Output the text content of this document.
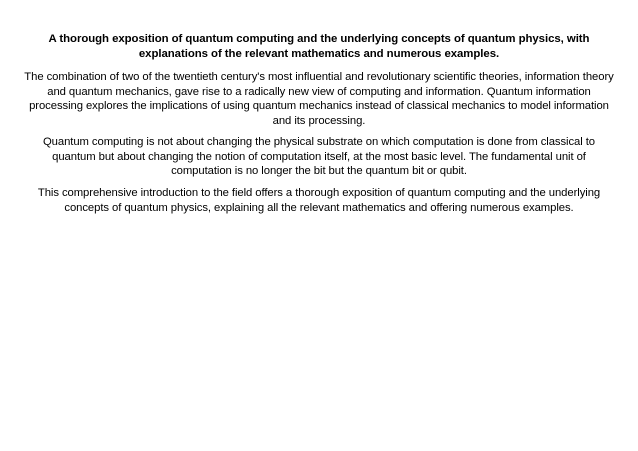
A thorough exposition of quantum computing and the underlying concepts of quantum physics, with explanations of the relevant mathematics and numerous examples.

The combination of two of the twentieth century's most influential and revolutionary scientific theories, information theory and quantum mechanics, gave rise to a radically new view of computing and information. Quantum information processing explores the implications of using quantum mechanics instead of classical mechanics to model information and its processing.

Quantum computing is not about changing the physical substrate on which computation is done from classical to quantum but about changing the notion of computation itself, at the most basic level. The fundamental unit of computation is no longer the bit but the quantum bit or qubit.

This comprehensive introduction to the field offers a thorough exposition of quantum computing and the underlying concepts of quantum physics, explaining all the relevant mathematics and offering numerous examples.
